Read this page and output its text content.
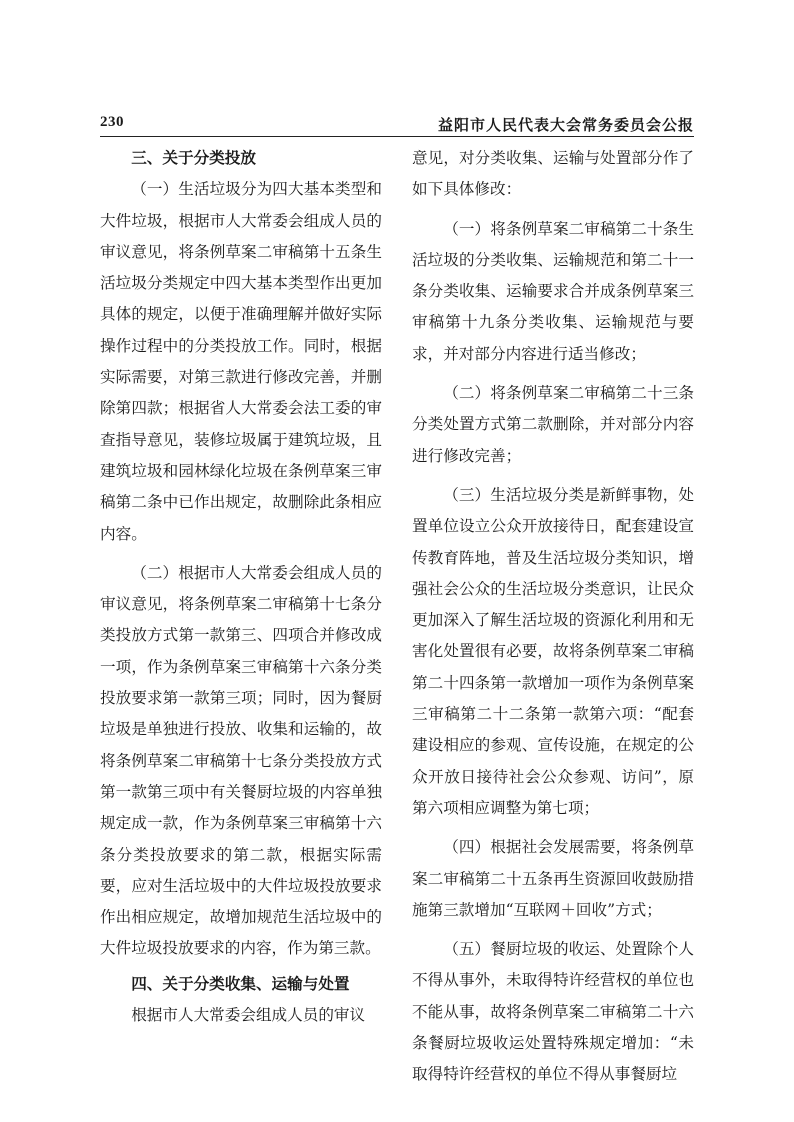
230	益阳市人民代表大会常务委员会公报
三、关于分类投放

（一）生活垃圾分为四大基本类型和大件垃圾，根据市人大常委会组成人员的审议意见，将条例草案二审稿第十五条生活垃圾分类规定中四大基本类型作出更加具体的规定，以便于准确理解并做好实际操作过程中的分类投放工作。同时，根据实际需要，对第三款进行修改完善，并删除第四款；根据省人大常委会法工委的审查指导意见，装修垃圾属于建筑垃圾，且建筑垃圾和园林绿化垃圾在条例草案三审稿第二条中已作出规定，故删除此条相应内容。

（二）根据市人大常委会组成人员的审议意见，将条例草案二审稿第十七条分类投放方式第一款第三、四项合并修改成一项，作为条例草案三审稿第十六条分类投放要求第一款第三项；同时，因为餐厨垃圾是单独进行投放、收集和运输的，故将条例草案二审稿第十七条分类投放方式第一款第三项中有关餐厨垃圾的内容单独规定成一款，作为条例草案三审稿第十六条分类投放要求的第二款，根据实际需要，应对生活垃圾中的大件垃圾投放要求作出相应规定，故增加规范生活垃圾中的大件垃圾投放要求的内容，作为第三款。

四、关于分类收集、运输与处置

根据市人大常委会组成人员的审议

意见，对分类收集、运输与处置部分作了如下具体修改：

（一）将条例草案二审稿第二十条生活垃圾的分类收集、运输规范和第二十一条分类收集、运输要求合并成条例草案三审稿第十九条分类收集、运输规范与要求，并对部分内容进行适当修改；

（二）将条例草案二审稿第二十三条分类处置方式第二款删除，并对部分内容进行修改完善；

（三）生活垃圾分类是新鲜事物，处置单位设立公众开放接待日，配套建设宣传教育阵地，普及生活垃圾分类知识，增强社会公众的生活垃圾分类意识，让民众更加深入了解生活垃圾的资源化利用和无害化处置很有必要，故将条例草案二审稿第二十四条第一款增加一项作为条例草案三审稿第二十二条第一款第六项：“配套建设相应的参观、宣传设施，在规定的公众开放日接待社会公众参观、访问”，原第六项相应调整为第七项；

（四）根据社会发展需要，将条例草案二审稿第二十五条再生资源回收鼓励措施第三款增加“互联网＋回收”方式；

（五）餐厨垃圾的收运、处置除个人不得从事外，未取得特许经营权的单位也不能从事，故将条例草案二审稿第二十六条餐厨垃圾收运处置特殊规定增加：“未取得特许经营权的单位不得从事餐厨垃
